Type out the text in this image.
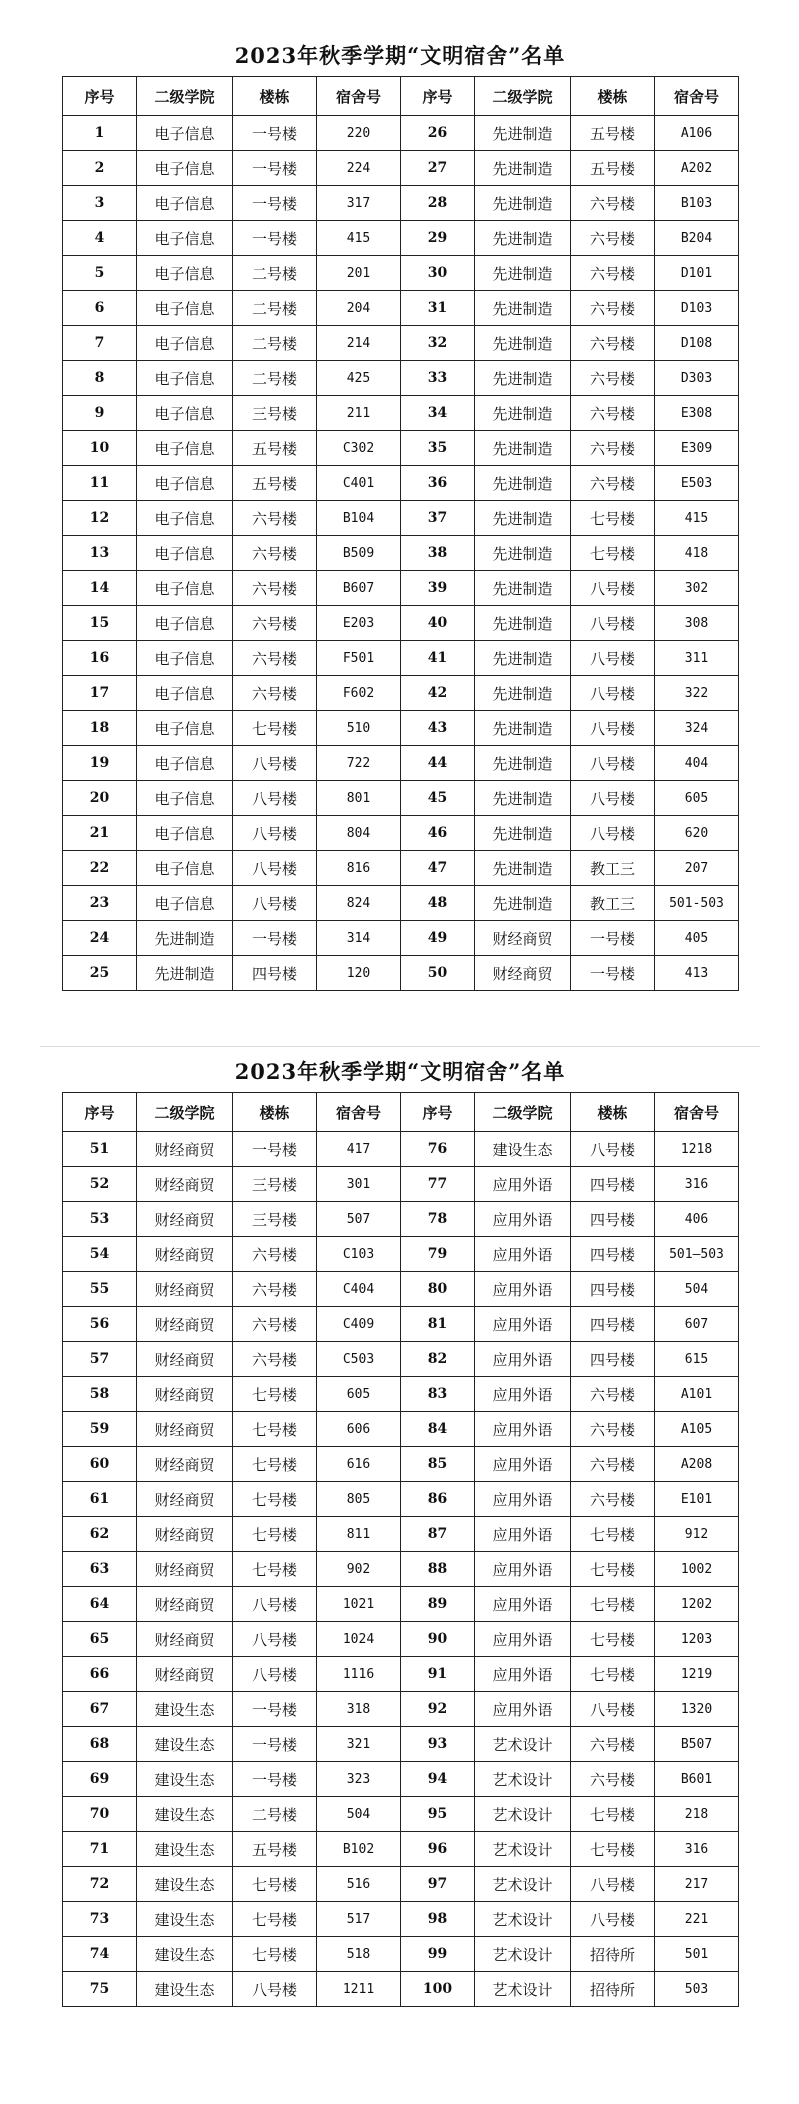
2023年秋季学期“文明宿舍”名单
序号	二级学院	楼栋	宿舍号	序号	二级学院	楼栋	宿舍号
1	电子信息	一号楼	220	26	先进制造	五号楼	A106
2	电子信息	一号楼	224	27	先进制造	五号楼	A202
3	电子信息	一号楼	317	28	先进制造	六号楼	B103
4	电子信息	一号楼	415	29	先进制造	六号楼	B204
5	电子信息	二号楼	201	30	先进制造	六号楼	D101
6	电子信息	二号楼	204	31	先进制造	六号楼	D103
7	电子信息	二号楼	214	32	先进制造	六号楼	D108
8	电子信息	二号楼	425	33	先进制造	六号楼	D303
9	电子信息	三号楼	211	34	先进制造	六号楼	E308
10	电子信息	五号楼	C302	35	先进制造	六号楼	E309
11	电子信息	五号楼	C401	36	先进制造	六号楼	E503
12	电子信息	六号楼	B104	37	先进制造	七号楼	415
13	电子信息	六号楼	B509	38	先进制造	七号楼	418
14	电子信息	六号楼	B607	39	先进制造	八号楼	302
15	电子信息	六号楼	E203	40	先进制造	八号楼	308
16	电子信息	六号楼	F501	41	先进制造	八号楼	311
17	电子信息	六号楼	F602	42	先进制造	八号楼	322
18	电子信息	七号楼	510	43	先进制造	八号楼	324
19	电子信息	八号楼	722	44	先进制造	八号楼	404
20	电子信息	八号楼	801	45	先进制造	八号楼	605
21	电子信息	八号楼	804	46	先进制造	八号楼	620
22	电子信息	八号楼	816	47	先进制造	教工三	207
23	电子信息	八号楼	824	48	先进制造	教工三	501-503
24	先进制造	一号楼	314	49	财经商贸	一号楼	405
25	先进制造	四号楼	120	50	财经商贸	一号楼	413
2023年秋季学期“文明宿舍”名单
序号	二级学院	楼栋	宿舍号	序号	二级学院	楼栋	宿舍号
51	财经商贸	一号楼	417	76	建设生态	八号楼	1218
52	财经商贸	三号楼	301	77	应用外语	四号楼	316
53	财经商贸	三号楼	507	78	应用外语	四号楼	406
54	财经商贸	六号楼	C103	79	应用外语	四号楼	501—503
55	财经商贸	六号楼	C404	80	应用外语	四号楼	504
56	财经商贸	六号楼	C409	81	应用外语	四号楼	607
57	财经商贸	六号楼	C503	82	应用外语	四号楼	615
58	财经商贸	七号楼	605	83	应用外语	六号楼	A101
59	财经商贸	七号楼	606	84	应用外语	六号楼	A105
60	财经商贸	七号楼	616	85	应用外语	六号楼	A208
61	财经商贸	七号楼	805	86	应用外语	六号楼	E101
62	财经商贸	七号楼	811	87	应用外语	七号楼	912
63	财经商贸	七号楼	902	88	应用外语	七号楼	1002
64	财经商贸	八号楼	1021	89	应用外语	七号楼	1202
65	财经商贸	八号楼	1024	90	应用外语	七号楼	1203
66	财经商贸	八号楼	1116	91	应用外语	七号楼	1219
67	建设生态	一号楼	318	92	应用外语	八号楼	1320
68	建设生态	一号楼	321	93	艺术设计	六号楼	B507
69	建设生态	一号楼	323	94	艺术设计	六号楼	B601
70	建设生态	二号楼	504	95	艺术设计	七号楼	218
71	建设生态	五号楼	B102	96	艺术设计	七号楼	316
72	建设生态	七号楼	516	97	艺术设计	八号楼	217
73	建设生态	七号楼	517	98	艺术设计	八号楼	221
74	建设生态	七号楼	518	99	艺术设计	招待所	501
75	建设生态	八号楼	1211	100	艺术设计	招待所	503
